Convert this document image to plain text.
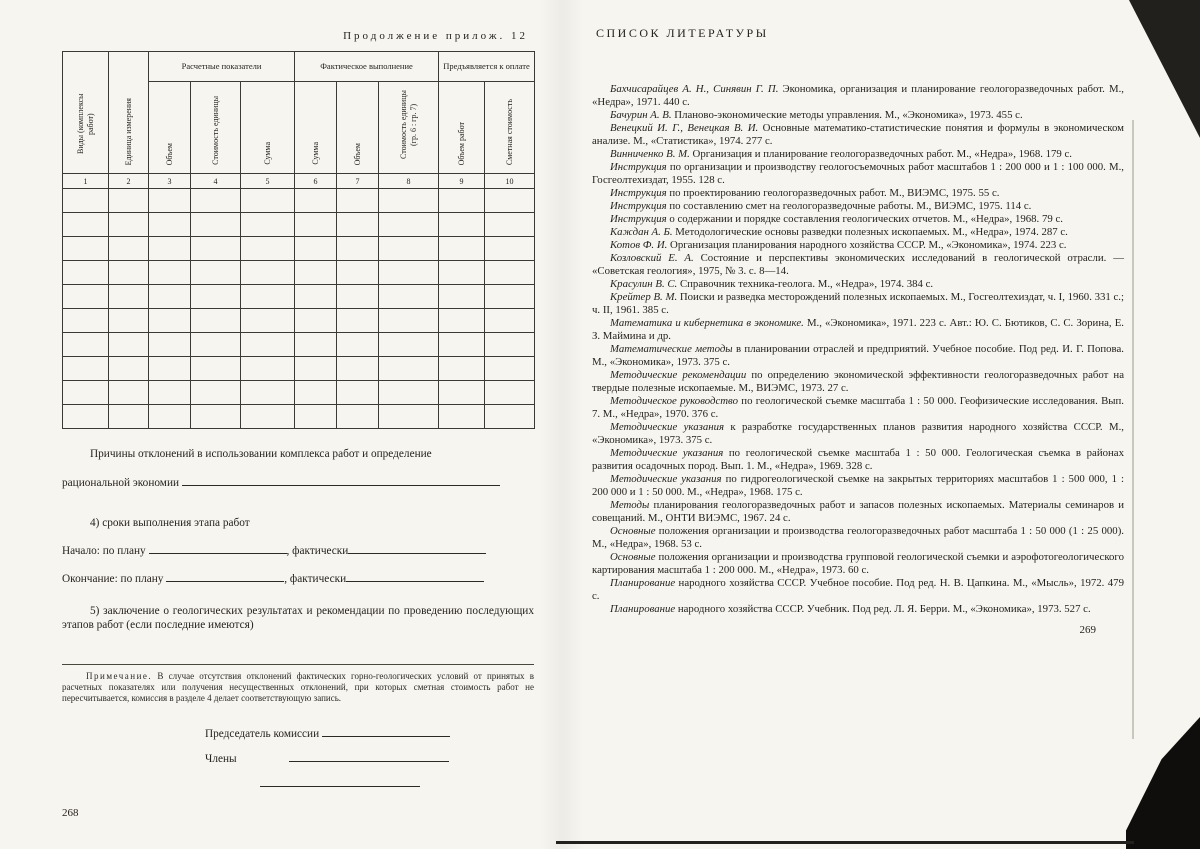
Продолжение прилож. 12
Виды (комплексы работ)	Единица измерения	Расчетные показатели			Фактическое выполнение			Предъявляется к оплате	
		Объем	Стоимость единицы	Сумма	Сумма	Объем	Стоимость единицы (гр. 6 : гр. 7)	Объем работ	Сметная стоимость
1	2	3	4	5	6	7	8	9	10

Причины отклонений в использовании комплекса работ и определение
рациональной экономии
4) сроки выполнения этапа работ
Начало: по плану	, фактически
Окончание: по плану	, фактически
5) заключение о геологических результатах и рекомендации по проведению последующих этапов работ (если последние имеются)
Примечание. В случае отсутствия отклонений фактических горно-геологических условий от принятых в расчетных показателях или получения несущественных отклонений, при которых сметная стоимость работ не пересчитывается, комиссия в разделе 4 делает соответствующую запись.
Председатель комиссии
Члены
268
СПИСОК ЛИТЕРАТУРЫ

Бахчисарайцев А. Н., Синявин Г. П. Экономика, организация и планирование геологоразведочных работ. М., «Недра», 1971. 440 с.

Бачурин А. В. Планово-экономические методы управления. М., «Экономика», 1973. 455 с.

Венецкий И. Г., Венецкая В. И. Основные математико-статистические понятия и формулы в экономическом анализе. М., «Статистика», 1974. 277 с.

Винниченко В. М. Организация и планирование геологоразведочных работ. М., «Недра», 1968. 179 с.

Инструкция по организации и производству геологосъемочных работ масштабов 1 : 200 000 и 1 : 100 000. М., Госгеолтехиздат, 1955. 128 с.

Инструкция по проектированию геологоразведочных работ. М., ВИЭМС, 1975. 55 с.

Инструкция по составлению смет на геологоразведочные работы. М., ВИЭМС, 1975. 114 с.

Инструкция о содержании и порядке составления геологических отчетов. М., «Недра», 1968. 79 с.

Каждан А. Б. Методологические основы разведки полезных ископаемых. М., «Недра», 1974. 287 с.

Котов Ф. И. Организация планирования народного хозяйства СССР. М., «Экономика», 1974. 223 с.

Козловский Е. А. Состояние и перспективы экономических исследований в геологической отрасли. — «Советская геология», 1975, № 3. с. 8—14.

Красулин В. С. Справочник техника-геолога. М., «Недра», 1974. 384 с.

Крейтер В. М. Поиски и разведка месторождений полезных ископаемых. М., Госгеолтехиздат, ч. I, 1960. 331 с.; ч. II, 1961. 385 с.

Математика и кибернетика в экономике. М., «Экономика», 1971. 223 с. Авт.: Ю. С. Бютиков, С. С. Зорина, Е. З. Маймина и др.

Математические методы в планировании отраслей и предприятий. Учебное пособие. Под ред. И. Г. Попова. М., «Экономика», 1973. 375 с.

Методические рекомендации по определению экономической эффективности геологоразведочных работ на твердые полезные ископаемые. М., ВИЭМС, 1973. 27 с.

Методическое руководство по геологической съемке масштаба 1 : 50 000. Геофизические исследования. Вып. 7. М., «Недра», 1970. 376 с.

Методические указания к разработке государственных планов развития народного хозяйства СССР. М., «Экономика», 1973. 375 с.

Методические указания по геологической съемке масштаба 1 : 50 000. Геологическая съемка в районах развития осадочных пород. Вып. 1. М., «Недра», 1969. 328 с.

Методические указания по гидрогеологической съемке на закрытых территориях масштабов 1 : 500 000, 1 : 200 000 и 1 : 50 000. М., «Недра», 1968. 175 с.

Методы планирования геологоразведочных работ и запасов полезных ископаемых. Материалы семинаров и совещаний. М., ОНТИ ВИЭМС, 1967. 24 с.

Основные положения организации и производства геологоразведочных работ масштаба 1 : 50 000 (1 : 25 000). М., «Недра», 1968. 53 с.

Основные положения организации и производства групповой геологической съемки и аэрофотогеологического картирования масштаба 1 : 200 000. М., «Недра», 1973. 60 с.

Планирование народного хозяйства СССР. Учебное пособие. Под ред. Н. В. Цапкина. М., «Мысль», 1972. 479 с.

Планирование народного хозяйства СССР. Учебник. Под ред. Л. Я. Берри. М., «Экономика», 1973. 527 с.

269
